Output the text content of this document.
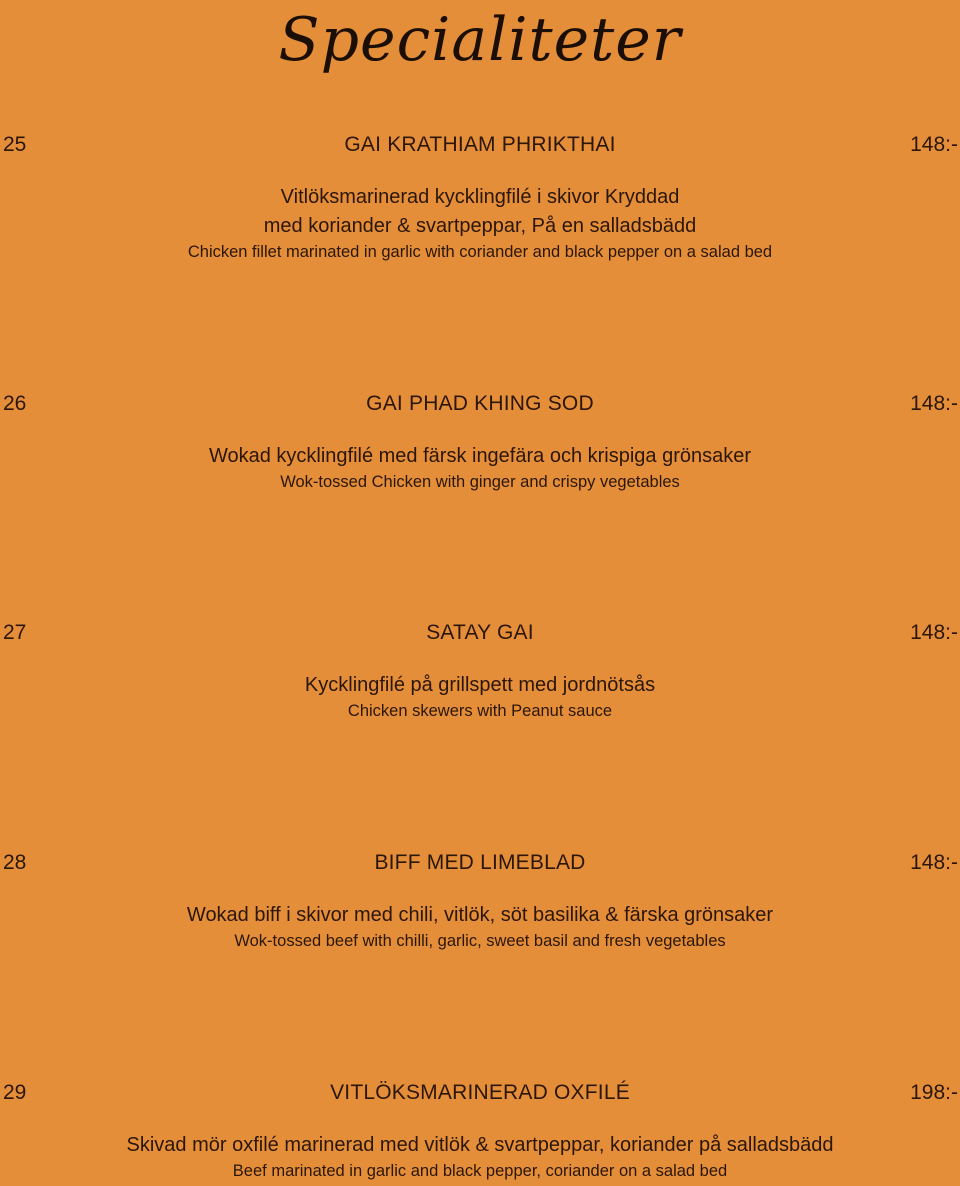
Specialiteter
25	GAI KRATHIAM PHRIKTHAI	148:-
Vitlöksmarinerad kycklingfilé i skivor Kryddad
med koriander & svartpeppar, På en salladsbädd
Chicken fillet marinated in garlic with coriander and black pepper on a salad bed
26	GAI PHAD KHING SOD	148:-
Wokad kycklingfilé med färsk ingefära och krispiga grönsaker
Wok-tossed Chicken with ginger and crispy vegetables
27	SATAY GAI	148:-
Kycklingfilé på grillspett med jordnötsås
Chicken skewers with Peanut sauce
28	BIFF MED LIMEBLAD	148:-
Wokad biff i skivor med chili, vitlök, söt basilika & färska grönsaker
Wok-tossed beef with chilli, garlic, sweet basil and fresh vegetables
29	VITLÖKSMARINERAD OXFILÉ	198:-
Skivad mör oxfilé marinerad med vitlök & svartpeppar, koriander på salladsbädd
Beef marinated in garlic and black pepper, coriander on a salad bed
